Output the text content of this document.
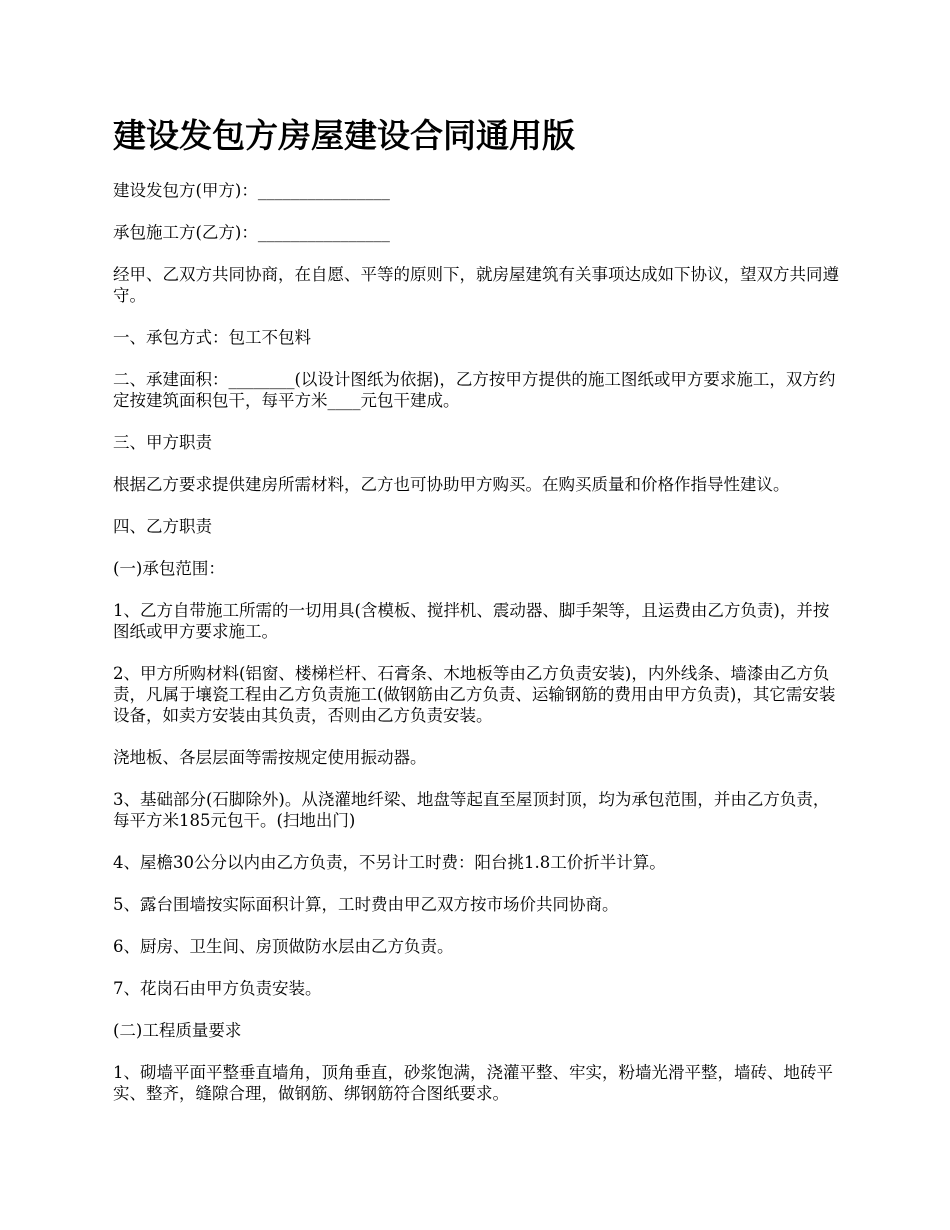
建设发包方房屋建设合同通用版

建设发包方(甲方)：________________

承包施工方(乙方)：________________

经甲、乙双方共同协商，在自愿、平等的原则下，就房屋建筑有关事项达成如下协议，望双方共同遵守。

一、承包方式：包工不包料

二、承建面积：________(以设计图纸为依据)，乙方按甲方提供的施工图纸或甲方要求施工，双方约定按建筑面积包干，每平方米____元包干建成。

三、甲方职责

根据乙方要求提供建房所需材料，乙方也可协助甲方购买。在购买质量和价格作指导性建议。

四、乙方职责

(一)承包范围：

1、乙方自带施工所需的一切用具(含模板、搅拌机、震动器、脚手架等，且运费由乙方负责)，并按图纸或甲方要求施工。

2、甲方所购材料(铝窗、楼梯栏杆、石膏条、木地板等由乙方负责安装)，内外线条、墙漆由乙方负责，凡属于壤瓷工程由乙方负责施工(做钢筋由乙方负责、运输钢筋的费用由甲方负责)，其它需安装设备，如卖方安装由其负责，否则由乙方负责安装。

浇地板、各层层面等需按规定使用振动器。

3、基础部分(石脚除外)。从浇灌地纤梁、地盘等起直至屋顶封顶，均为承包范围，并由乙方负责，每平方米185元包干。(扫地出门)

4、屋檐30公分以内由乙方负责，不另计工时费：阳台挑1.8工价折半计算。

5、露台围墙按实际面积计算，工时费由甲乙双方按市场价共同协商。

6、厨房、卫生间、房顶做防水层由乙方负责。

7、花岗石由甲方负责安装。

(二)工程质量要求

1、砌墙平面平整垂直墙角，顶角垂直，砂浆饱满，浇灌平整、牢实，粉墙光滑平整，墙砖、地砖平实、整齐，缝隙合理，做钢筋、绑钢筋符合图纸要求。
